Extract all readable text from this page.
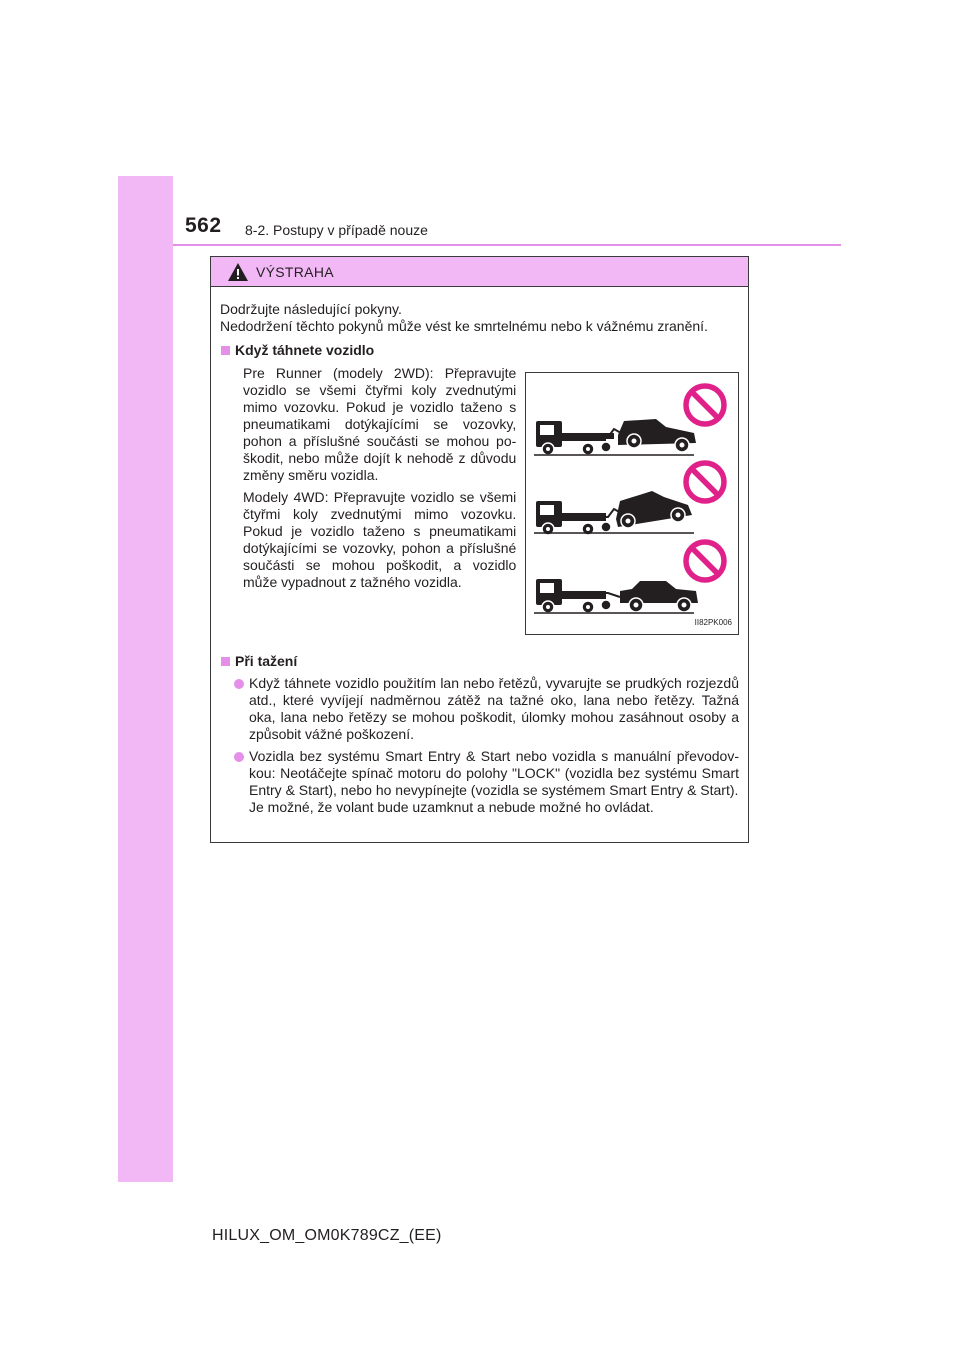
562 8-2. Postupy v případě nouze
VÝSTRAHA

Dodržujte následující pokyny.

Nedodržení těchto pokynů může vést ke smrtelnému nebo k vážnému zranění.

Když táhnete vozidlo

Pre Runner (modely 2WD): Přepravujte vozidlo se všemi čtyřmi koly zvednutými mimo vozovku. Pokud je vozidlo taženo s pneumatikami dotýkajícími se vozovky, pohon a příslušné součásti se mohou poškodit, nebo může dojít k nehodě z důvodu změny směru vozidla.

Modely 4WD: Přepravujte vozidlo se všemi čtyřmi koly zvednutými mimo vozovku. Pokud je vozidlo taženo s pneumatikami dotýkajícími se vozovky, pohon a příslušné součásti se mohou poškodit, a vozidlo může vypadnout z tažného vozidla.

II82PK006
Při tažení
Když táhnete vozidlo použitím lan nebo řetězů, vyvarujte se prudkých rozjezdů atd., které vyvíjejí nadměrnou zátěž na tažné oko, lana nebo řetězy. Tažná oka, lana nebo řetězy se mohou poškodit, úlomky mohou zasáhnout osoby a způsobit vážné poškození.
Vozidla bez systému Smart Entry & Start nebo vozidla s manuální převodovkou: Neotáčejte spínač motoru do polohy "LOCK" (vozidla bez systému Smart Entry & Start), nebo ho nevypínejte (vozidla se systémem Smart Entry & Start).
Je možné, že volant bude uzamknut a nebude možné ho ovládat.
HILUX_OM_OM0K789CZ_(EE)
